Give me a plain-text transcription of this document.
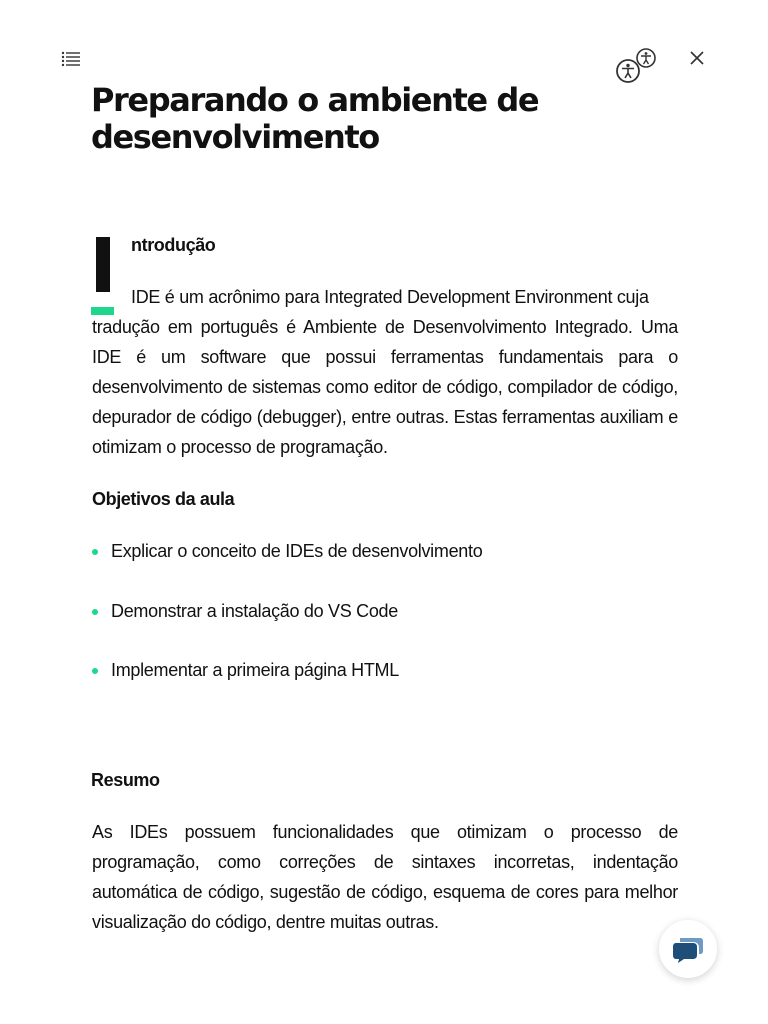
Preparando o ambiente de desenvolvimento
ntrodução

IDE é um acrônimo para Integrated Development Environment cuja
tradução em português é Ambiente de Desenvolvimento Integrado. Uma IDE é um software que possui ferramentas fundamentais para o desenvolvimento de sistemas como editor de código, compilador de código, depurador de código (debugger), entre outras. Estas ferramentas auxiliam e otimizam o processo de programação.

Objetivos da aula
Explicar o conceito de IDEs de desenvolvimento
Demonstrar a instalação do VS Code
Implementar a primeira página HTML
Resumo

As IDEs possuem funcionalidades que otimizam o processo de programação, como correções de sintaxes incorretas, indentação automática de código, sugestão de código, esquema de cores para melhor visualização do código, dentre muitas outras.
